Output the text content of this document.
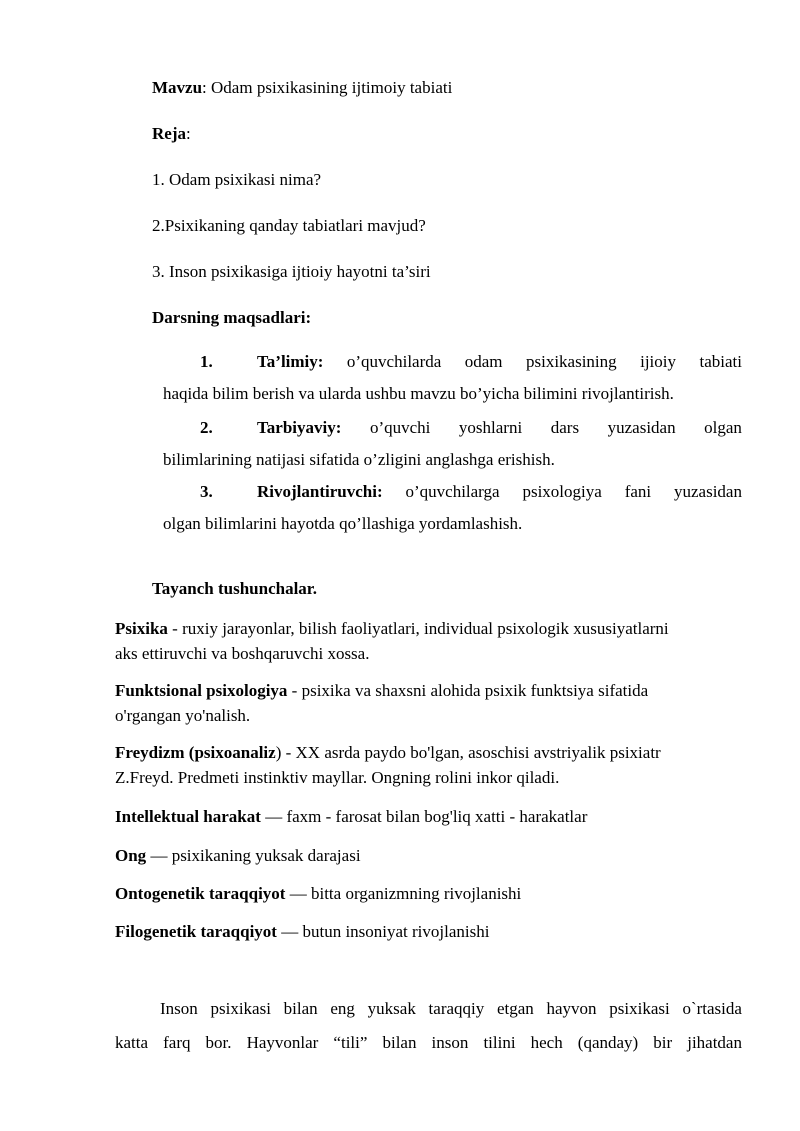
Mavzu: Odam psixikasining ijtimoiy tabiati
Reja:
1. Odam psixikasi nima?
2.Psixikaning qanday tabiatlari mavjud?
3. Inson psixikasiga ijtioiy hayotni ta’siri
Darsning maqsadlari:
1.	Ta’limiy: o’quvchilarda odam psixikasining ijioiy tabiati
haqida bilim berish va ularda ushbu mavzu bo’yicha bilimini rivojlantirish.
2.	Tarbiyaviy: o’quvchi yoshlarni dars yuzasidan olgan
bilimlarining natijasi sifatida o’zligini anglashga erishish.
3.	Rivojlantiruvchi: o’quvchilarga psixologiya fani yuzasidan
olgan bilimlarini hayotda qo’llashiga yordamlashish.
Tayanch tushunchalar.
Psixika - ruxiy jarayonlar, bilish faoliyatlari, individual psixologik xususiyatlarni
aks ettiruvchi va boshqaruvchi xossa.
Funktsional psixologiya - psixika va shaxsni alohida psixik funktsiya sifatida
o'rgangan yo'nalish.
Freydizm (psixoanaliz) - XX asrda paydo bo'lgan, asoschisi avstriyalik psixiatr
Z.Freyd. Predmeti instinktiv mayllar. Ongning rolini inkor qiladi.
Intellektual harakat — faxm - farosat bilan bog'liq xatti - harakatlar
Ong — psixikaning yuksak darajasi
Ontogenetik taraqqiyot — bitta organizmning rivojlanishi
Filogenetik taraqqiyot — butun insoniyat rivojlanishi
Inson psixikasi bilan eng yuksak taraqqiy etgan hayvon psixikasi o`rtasida
katta farq bor. Hayvonlar “tili” bilan inson tilini hech (qanday) bir jihatdan
